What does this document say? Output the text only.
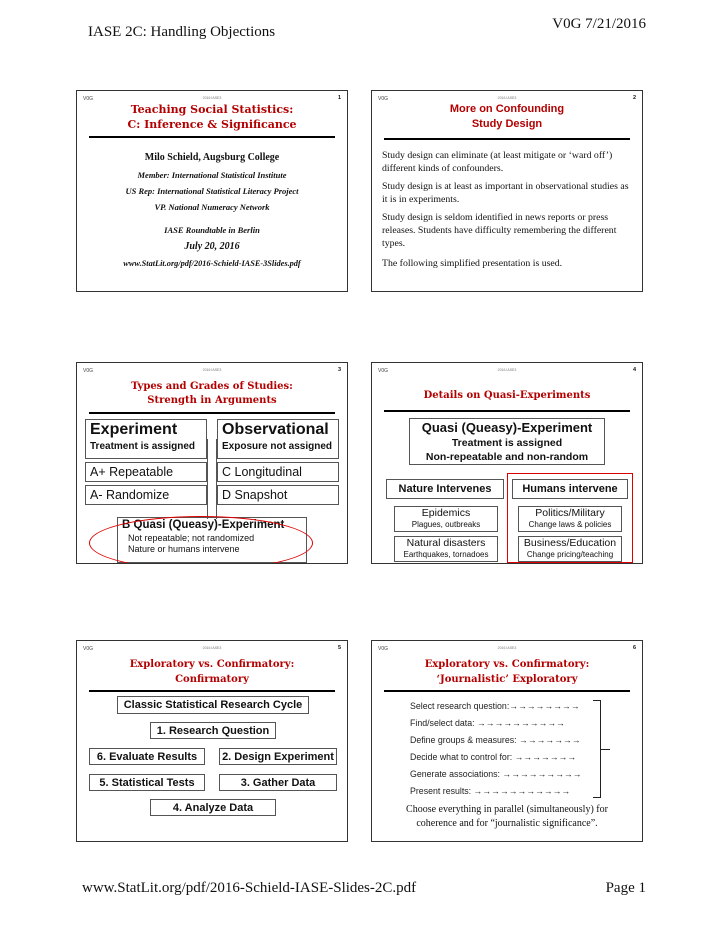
IASE 2C: Handling Objections	V0G 7/21/2016
V0G	2016 IASE3	1
Teaching Social Statistics:
C: Inference & Significance
Milo Schield, Augsburg College
Member: International Statistical Institute
US Rep: International Statistical Literacy Project
VP. National Numeracy Network
IASE Roundtable in Berlin
July 20, 2016
www.StatLit.org/pdf/2016-Schield-IASE-3Slides.pdf
V0G	2016 IASE3	2
More on Confounding
Study Design
Study design can eliminate (at least mitigate or ‘ward off’) different kinds of confounders.
Study design is at least as important in observational studies as it is in experiments.
Study design is seldom identified in news reports or press releases. Students have difficulty remembering the different types.
The following simplified presentation is used.
V0G	2016 IASE3	3
Types and Grades of Studies:
Strength in Arguments
Experiment
Treatment is assigned
Observational
Exposure not assigned
A+ Repeatable	C Longitudinal
A- Randomize	D Snapshot
B Quasi (Queasy)-Experiment
Not repeatable; not randomized
Nature or humans intervene
V0G	2016 IASE3	4
Details on Quasi-Experiments
Quasi (Queasy)-Experiment
Treatment is assigned
Non-repeatable and non-random
Nature Intervenes	Humans intervene
Epidemics
Plagues, outbreaks
Politics/Military
Change laws & policies
Natural disasters
Earthquakes, tornadoes
Business/Education
Change pricing/teaching
V0G	2016 IASE3	5
Exploratory vs. Confirmatory:
Confirmatory
Classic Statistical Research Cycle
1. Research Question
6. Evaluate Results	2. Design Experiment
5. Statistical Tests	3. Gather Data
4. Analyze Data
V0G	2016 IASE3	6
Exploratory vs. Confirmatory:
‘Journalistic’ Exploratory
Select research question:→→→→→→→→
Find/select data: →→→→→→→→→→
Define groups & measures: →→→→→→→
Decide what to control for: →→→→→→→
Generate associations: →→→→→→→→→
Present results: →→→→→→→→→→→
Choose everything in parallel (simultaneously) for
coherence and for “journalistic significance”.
www.StatLit.org/pdf/2016-Schield-IASE-Slides-2C.pdf	Page 1
